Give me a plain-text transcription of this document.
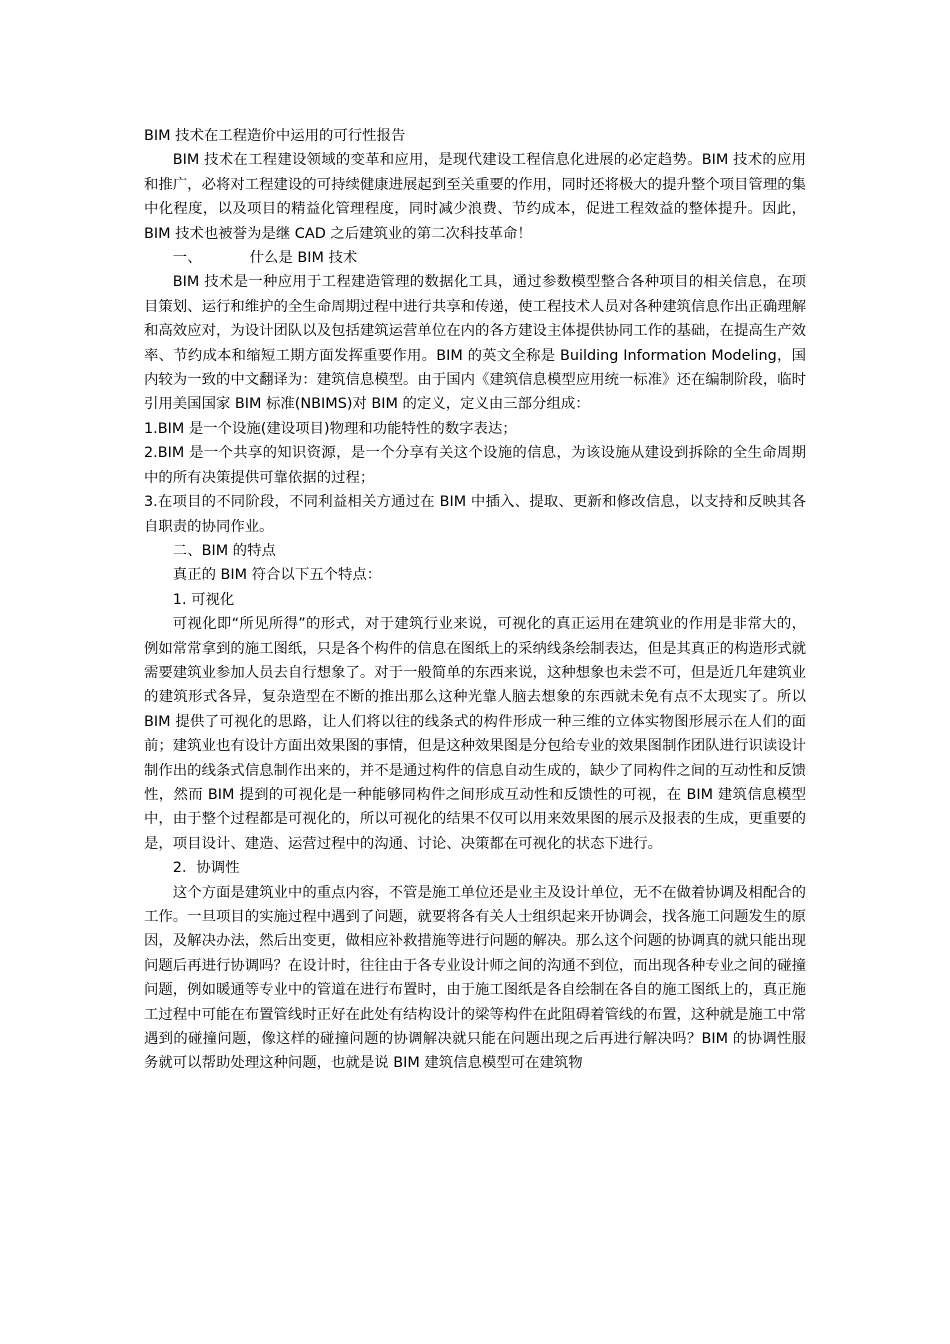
BIM 技术在工程造价中运用的可行性报告

BIM 技术在工程建设领域的变革和应用，是现代建设工程信息化进展的必定趋势。BIM 技术的应用和推广，必将对工程建设的可持续健康进展起到至关重要的作用，同时还将极大的提升整个项目管理的集中化程度，以及项目的精益化管理程度，同时减少浪费、节约成本，促进工程效益的整体提升。因此，BIM 技术也被誉为是继 CAD 之后建筑业的第二次科技革命！

一、	什么是 BIM 技术

BIM 技术是一种应用于工程建造管理的数据化工具，通过参数模型整合各种项目的相关信息，在项目策划、运行和维护的全生命周期过程中进行共享和传递，使工程技术人员对各种建筑信息作出正确理解和高效应对，为设计团队以及包括建筑运营单位在内的各方建设主体提供协同工作的基础，在提高生产效率、节约成本和缩短工期方面发挥重要作用。BIM 的英文全称是 Building Information Modeling，国内较为一致的中文翻译为：建筑信息模型。由于国内《建筑信息模型应用统一标准》还在编制阶段，临时引用美国国家 BIM 标准(NBIMS)对 BIM 的定义，定义由三部分组成：

1.BIM 是一个设施(建设项目)物理和功能特性的数字表达；

2.BIM 是一个共享的知识资源，是一个分享有关这个设施的信息，为该设施从建设到拆除的全生命周期中的所有决策提供可靠依据的过程；

3.在项目的不同阶段，不同利益相关方通过在 BIM 中插入、提取、更新和修改信息，以支持和反映其各自职责的协同作业。

二、BIM 的特点

真正的 BIM 符合以下五个特点：

1. 可视化

可视化即“所见所得”的形式，对于建筑行业来说，可视化的真正运用在建筑业的作用是非常大的，例如常常拿到的施工图纸，只是各个构件的信息在图纸上的采纳线条绘制表达，但是其真正的构造形式就需要建筑业参加人员去自行想象了。对于一般简单的东西来说，这种想象也未尝不可，但是近几年建筑业的建筑形式各异，复杂造型在不断的推出那么这种光靠人脑去想象的东西就未免有点不太现实了。所以 BIM 提供了可视化的思路，让人们将以往的线条式的构件形成一种三维的立体实物图形展示在人们的面前；建筑业也有设计方面出效果图的事情，但是这种效果图是分包给专业的效果图制作团队进行识读设计制作出的线条式信息制作出来的，并不是通过构件的信息自动生成的，缺少了同构件之间的互动性和反馈性，然而 BIM 提到的可视化是一种能够同构件之间形成互动性和反馈性的可视，在 BIM 建筑信息模型中，由于整个过程都是可视化的，所以可视化的结果不仅可以用来效果图的展示及报表的生成，更重要的是，项目设计、建造、运营过程中的沟通、讨论、决策都在可视化的状态下进行。

2．协调性

这个方面是建筑业中的重点内容，不管是施工单位还是业主及设计单位，无不在做着协调及相配合的工作。一旦项目的实施过程中遇到了问题，就要将各有关人士组织起来开协调会，找各施工问题发生的原因，及解决办法，然后出变更，做相应补救措施等进行问题的解决。那么这个问题的协调真的就只能出现问题后再进行协调吗？在设计时，往往由于各专业设计师之间的沟通不到位，而出现各种专业之间的碰撞问题，例如暖通等专业中的管道在进行布置时，由于施工图纸是各自绘制在各自的施工图纸上的，真正施工过程中可能在布置管线时正好在此处有结构设计的梁等构件在此阻碍着管线的布置，这种就是施工中常遇到的碰撞问题，像这样的碰撞问题的协调解决就只能在问题出现之后再进行解决吗？BIM 的协调性服务就可以帮助处理这种问题，也就是说 BIM 建筑信息模型可在建筑物
